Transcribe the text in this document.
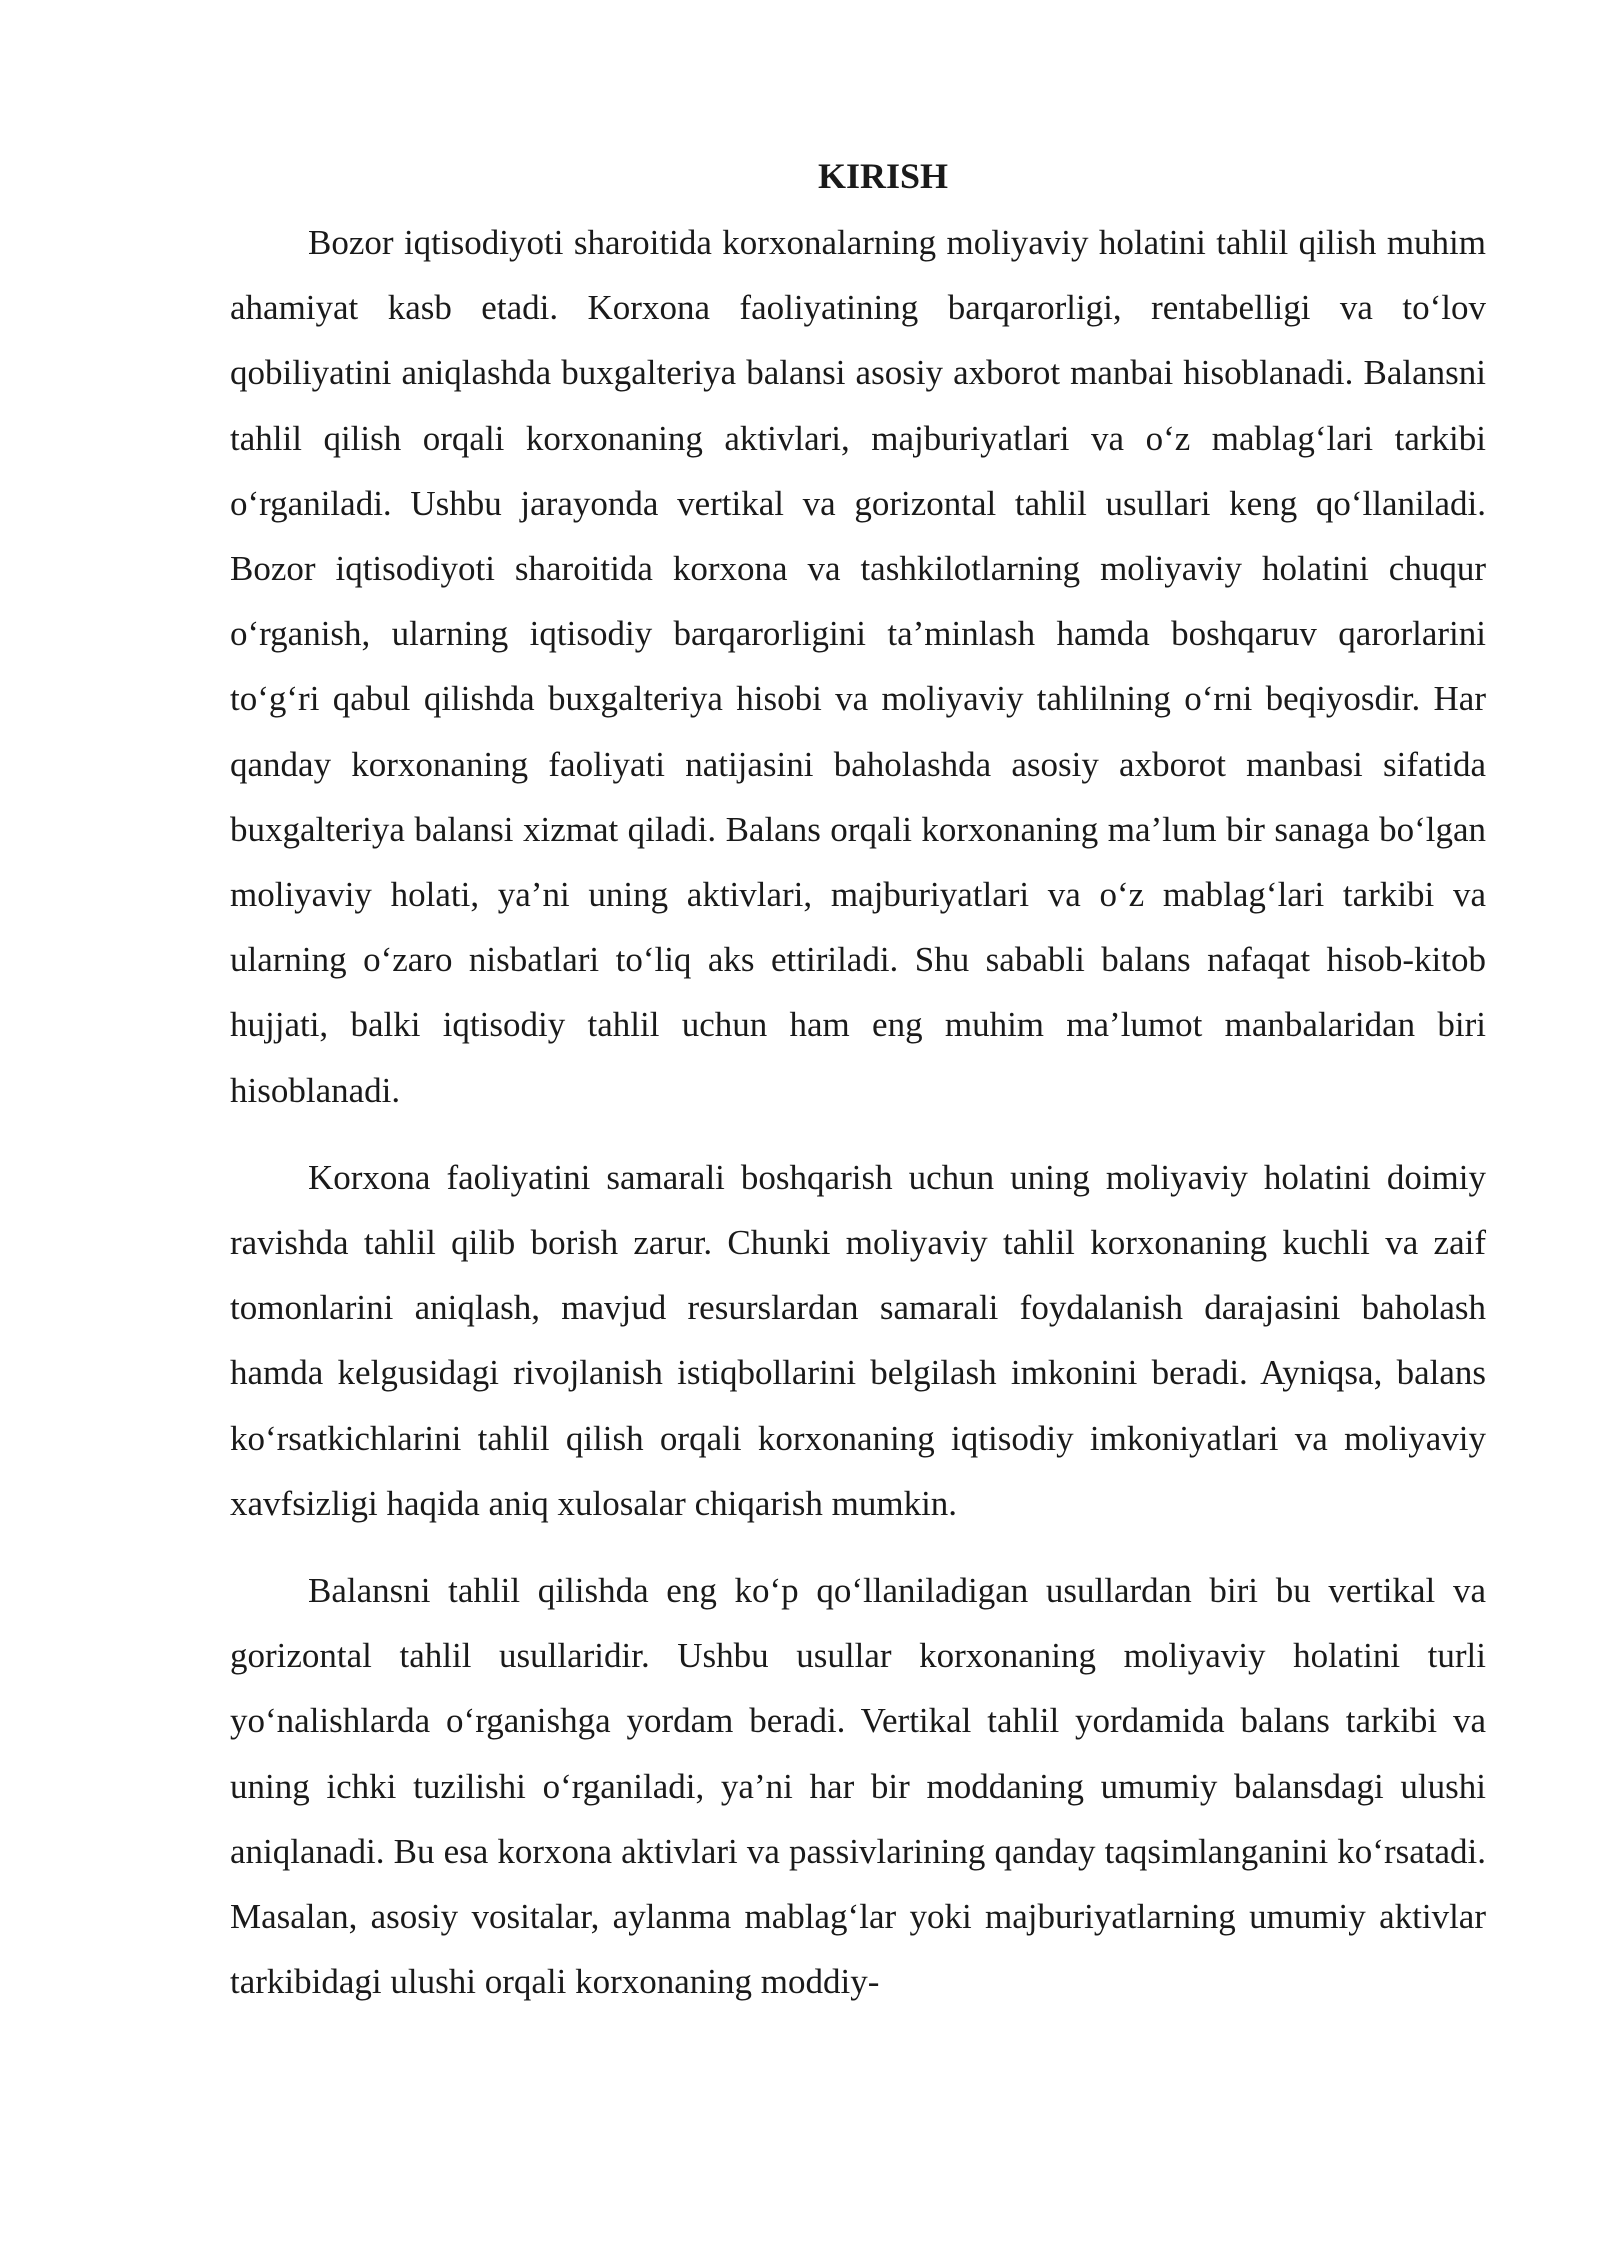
KIRISH

Bozor iqtisodiyoti sharoitida korxonalarning moliyaviy holatini tahlil qilish muhim ahamiyat kasb etadi. Korxona faoliyatining barqarorligi, rentabelligi va to‘lov qobiliyatini aniqlashda buxgalteriya balansi asosiy axborot manbai hisoblanadi. Balansni tahlil qilish orqali korxonaning aktivlari, majburiyatlari va o‘z mablag‘lari tarkibi o‘rganiladi. Ushbu jarayonda vertikal va gorizontal tahlil usullari keng qo‘llaniladi. Bozor iqtisodiyoti sharoitida korxona va tashkilotlarning moliyaviy holatini chuqur o‘rganish, ularning iqtisodiy barqarorligini ta’minlash hamda boshqaruv qarorlarini to‘g‘ri qabul qilishda buxgalteriya hisobi va moliyaviy tahlilning o‘rni beqiyosdir. Har qanday korxonaning faoliyati natijasini baholashda asosiy axborot manbasi sifatida buxgalteriya balansi xizmat qiladi. Balans orqali korxonaning ma’lum bir sanaga bo‘lgan moliyaviy holati, ya’ni uning aktivlari, majburiyatlari va o‘z mablag‘lari tarkibi va ularning o‘zaro nisbatlari to‘liq aks ettiriladi. Shu sababli balans nafaqat hisob-kitob hujjati, balki iqtisodiy tahlil uchun ham eng muhim ma’lumot manbalaridan biri hisoblanadi.

Korxona faoliyatini samarali boshqarish uchun uning moliyaviy holatini doimiy ravishda tahlil qilib borish zarur. Chunki moliyaviy tahlil korxonaning kuchli va zaif tomonlarini aniqlash, mavjud resurslardan samarali foydalanish darajasini baholash hamda kelgusidagi rivojlanish istiqbollarini belgilash imkonini beradi. Ayniqsa, balans ko‘rsatkichlarini tahlil qilish orqali korxonaning iqtisodiy imkoniyatlari va moliyaviy xavfsizligi haqida aniq xulosalar chiqarish mumkin.

Balansni tahlil qilishda eng ko‘p qo‘llaniladigan usullardan biri bu vertikal va gorizontal tahlil usullaridir. Ushbu usullar korxonaning moliyaviy holatini turli yo‘nalishlarda o‘rganishga yordam beradi. Vertikal tahlil yordamida balans tarkibi va uning ichki tuzilishi o‘rganiladi, ya’ni har bir moddaning umumiy balansdagi ulushi aniqlanadi. Bu esa korxona aktivlari va passivlarining qanday taqsimlanganini ko‘rsatadi. Masalan, asosiy vositalar, aylanma mablag‘lar yoki majburiyatlarning umumiy aktivlar tarkibidagi ulushi orqali korxonaning moddiy-
